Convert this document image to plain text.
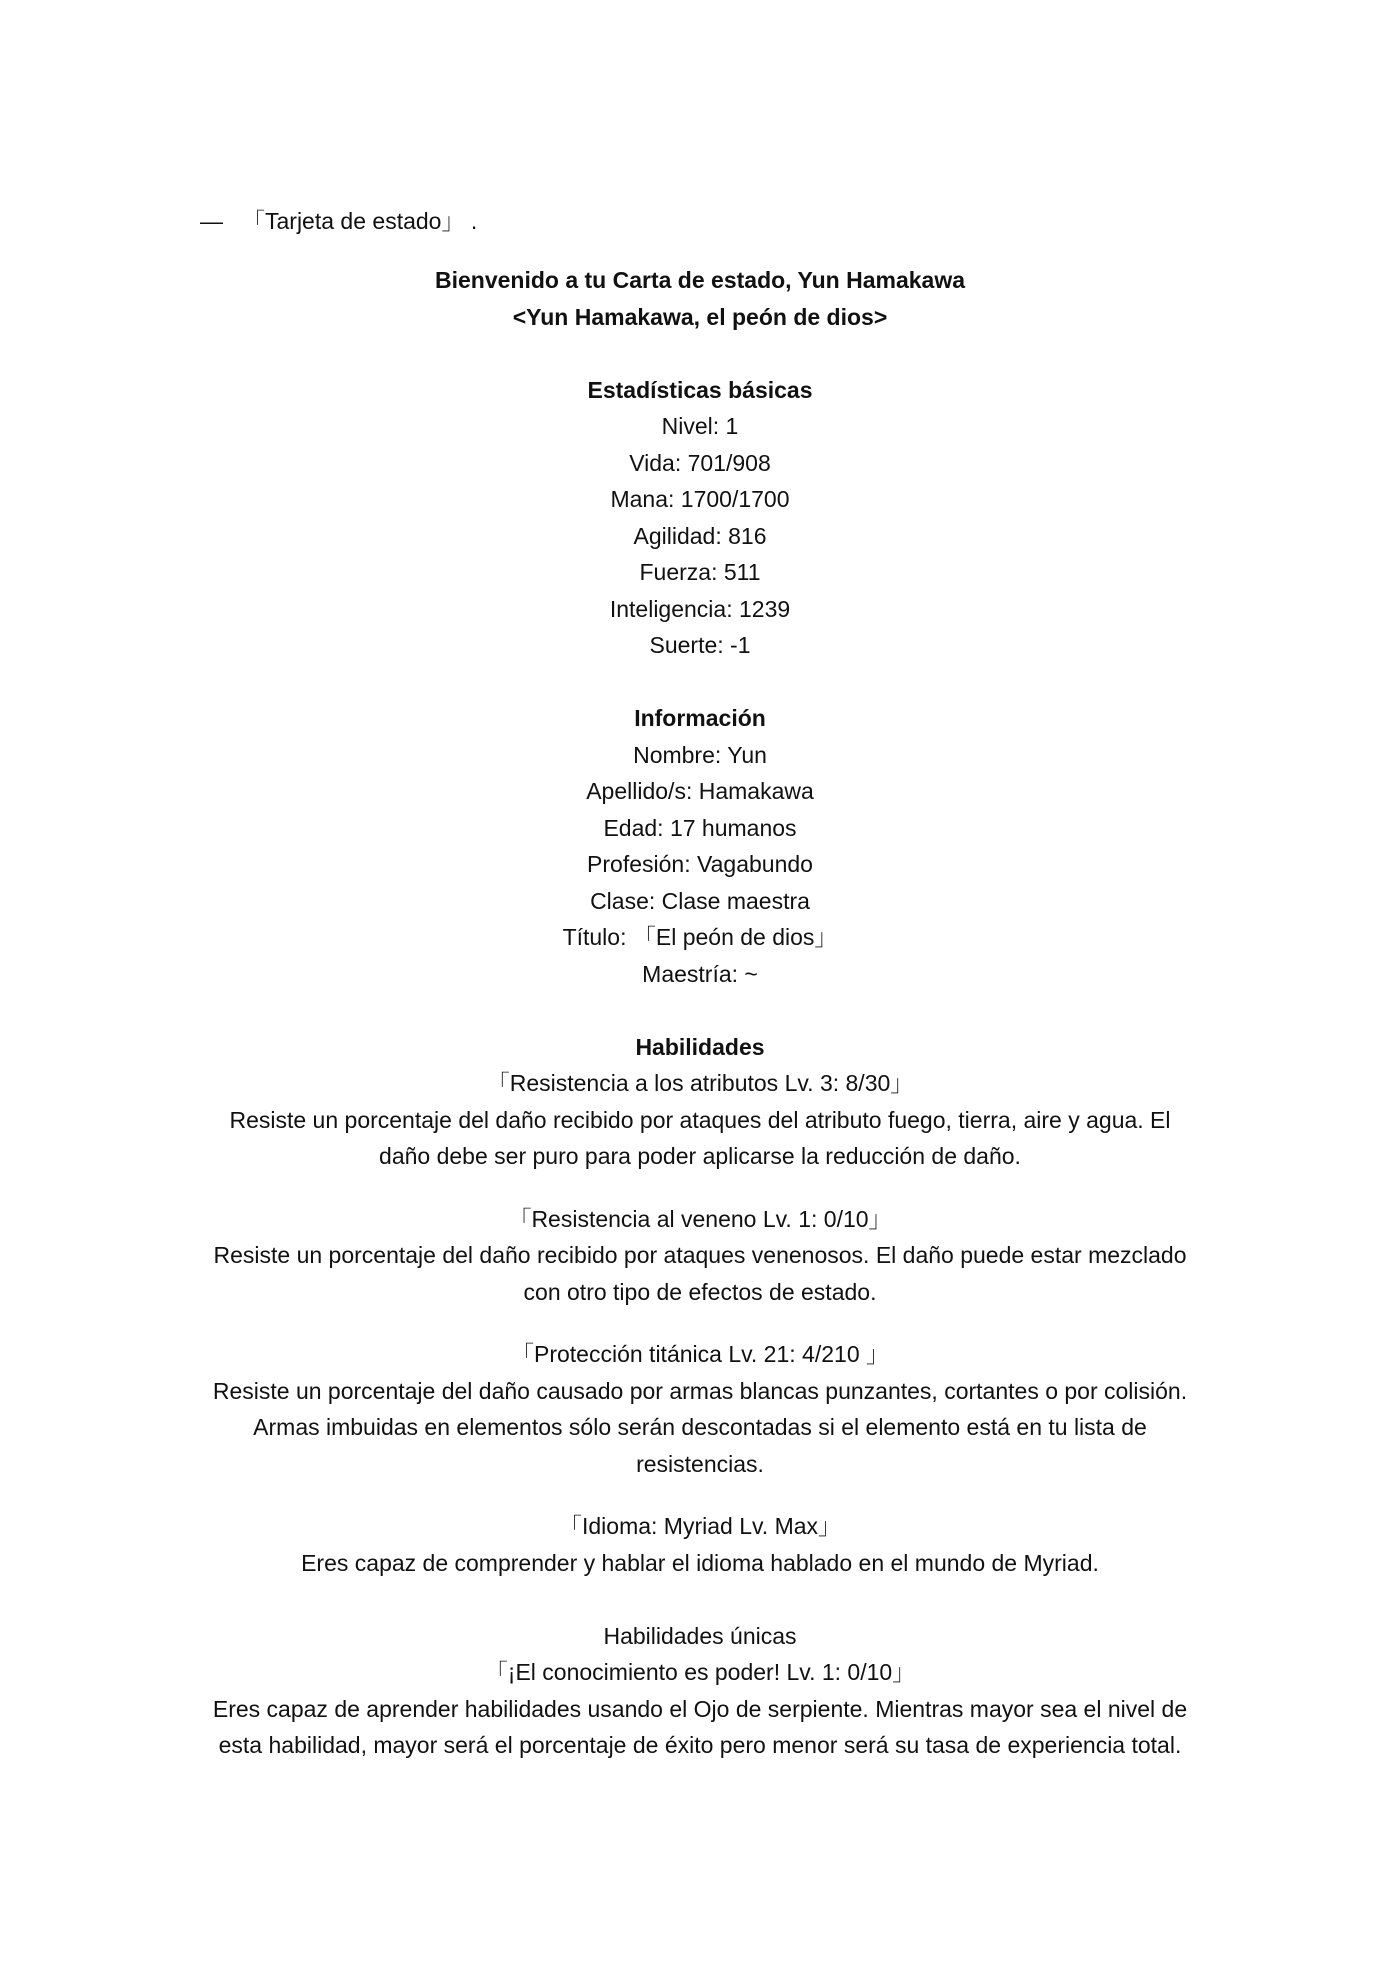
— 「Tarjeta de estado」 .

Bienvenido a tu Carta de estado, Yun Hamakawa

<Yun Hamakawa, el peón de dios>

Estadísticas básicas

Nivel: 1

Vida: 701/908

Mana: 1700/1700

Agilidad: 816

Fuerza: 511

Inteligencia: 1239

Suerte: -1

Información

Nombre: Yun

Apellido/s: Hamakawa

Edad: 17 humanos

Profesión: Vagabundo

Clase: Clase maestra

Título: 「El peón de dios」

Maestría: ~

Habilidades

「Resistencia a los atributos Lv. 3: 8/30」

Resiste un porcentaje del daño recibido por ataques del atributo fuego, tierra, aire y agua. El

daño debe ser puro para poder aplicarse la reducción de daño.

「Resistencia al veneno Lv. 1: 0/10」

Resiste un porcentaje del daño recibido por ataques venenosos. El daño puede estar mezclado

con otro tipo de efectos de estado.

「Protección titánica Lv. 21: 4/210 」

Resiste un porcentaje del daño causado por armas blancas punzantes, cortantes o por colisión.

Armas imbuidas en elementos sólo serán descontadas si el elemento está en tu lista de

resistencias.

「Idioma: Myriad Lv. Max」

Eres capaz de comprender y hablar el idioma hablado en el mundo de Myriad.

Habilidades únicas

「¡El conocimiento es poder! Lv. 1: 0/10」

Eres capaz de aprender habilidades usando el Ojo de serpiente. Mientras mayor sea el nivel de

esta habilidad, mayor será el porcentaje de éxito pero menor será su tasa de experiencia total.
